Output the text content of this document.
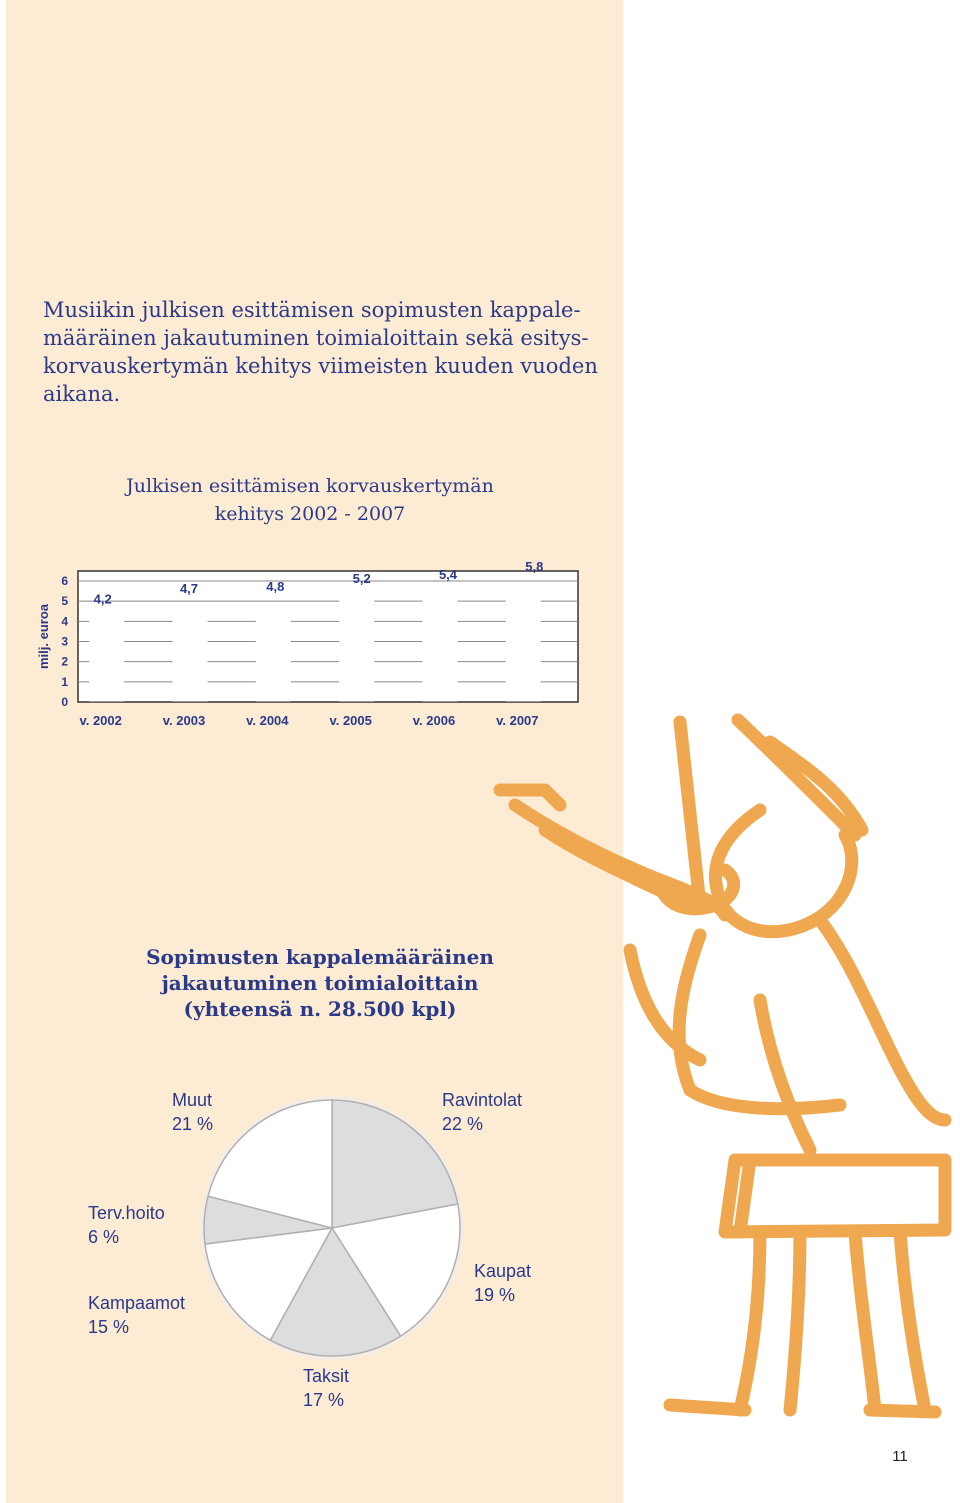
Musiikin julkisen esittämisen sopimusten kappale-
määräinen jakautuminen toimialoittain sekä esitys-
korvauskertymän kehitys viimeisten kuuden vuoden
aikana.

Julkisen esittämisen korvauskertymän
kehitys 2002 - 2007

0
1
2
3
4
5
6
milj. euroa
4,2
v. 2002
4,7
v. 2003
4,8
v. 2004
5,2
v. 2005
5,4
v. 2006
5,8
v. 2007

Sopimusten kappalemääräinen
jakautuminen toimialoittain
(yhteensä n. 28.500 kpl)

Muut
21 %
Ravintolat
22 %
Terv.hoito
6 %
Kaupat
19 %
Kampaamot
15 %
Taksit
17 %
11
